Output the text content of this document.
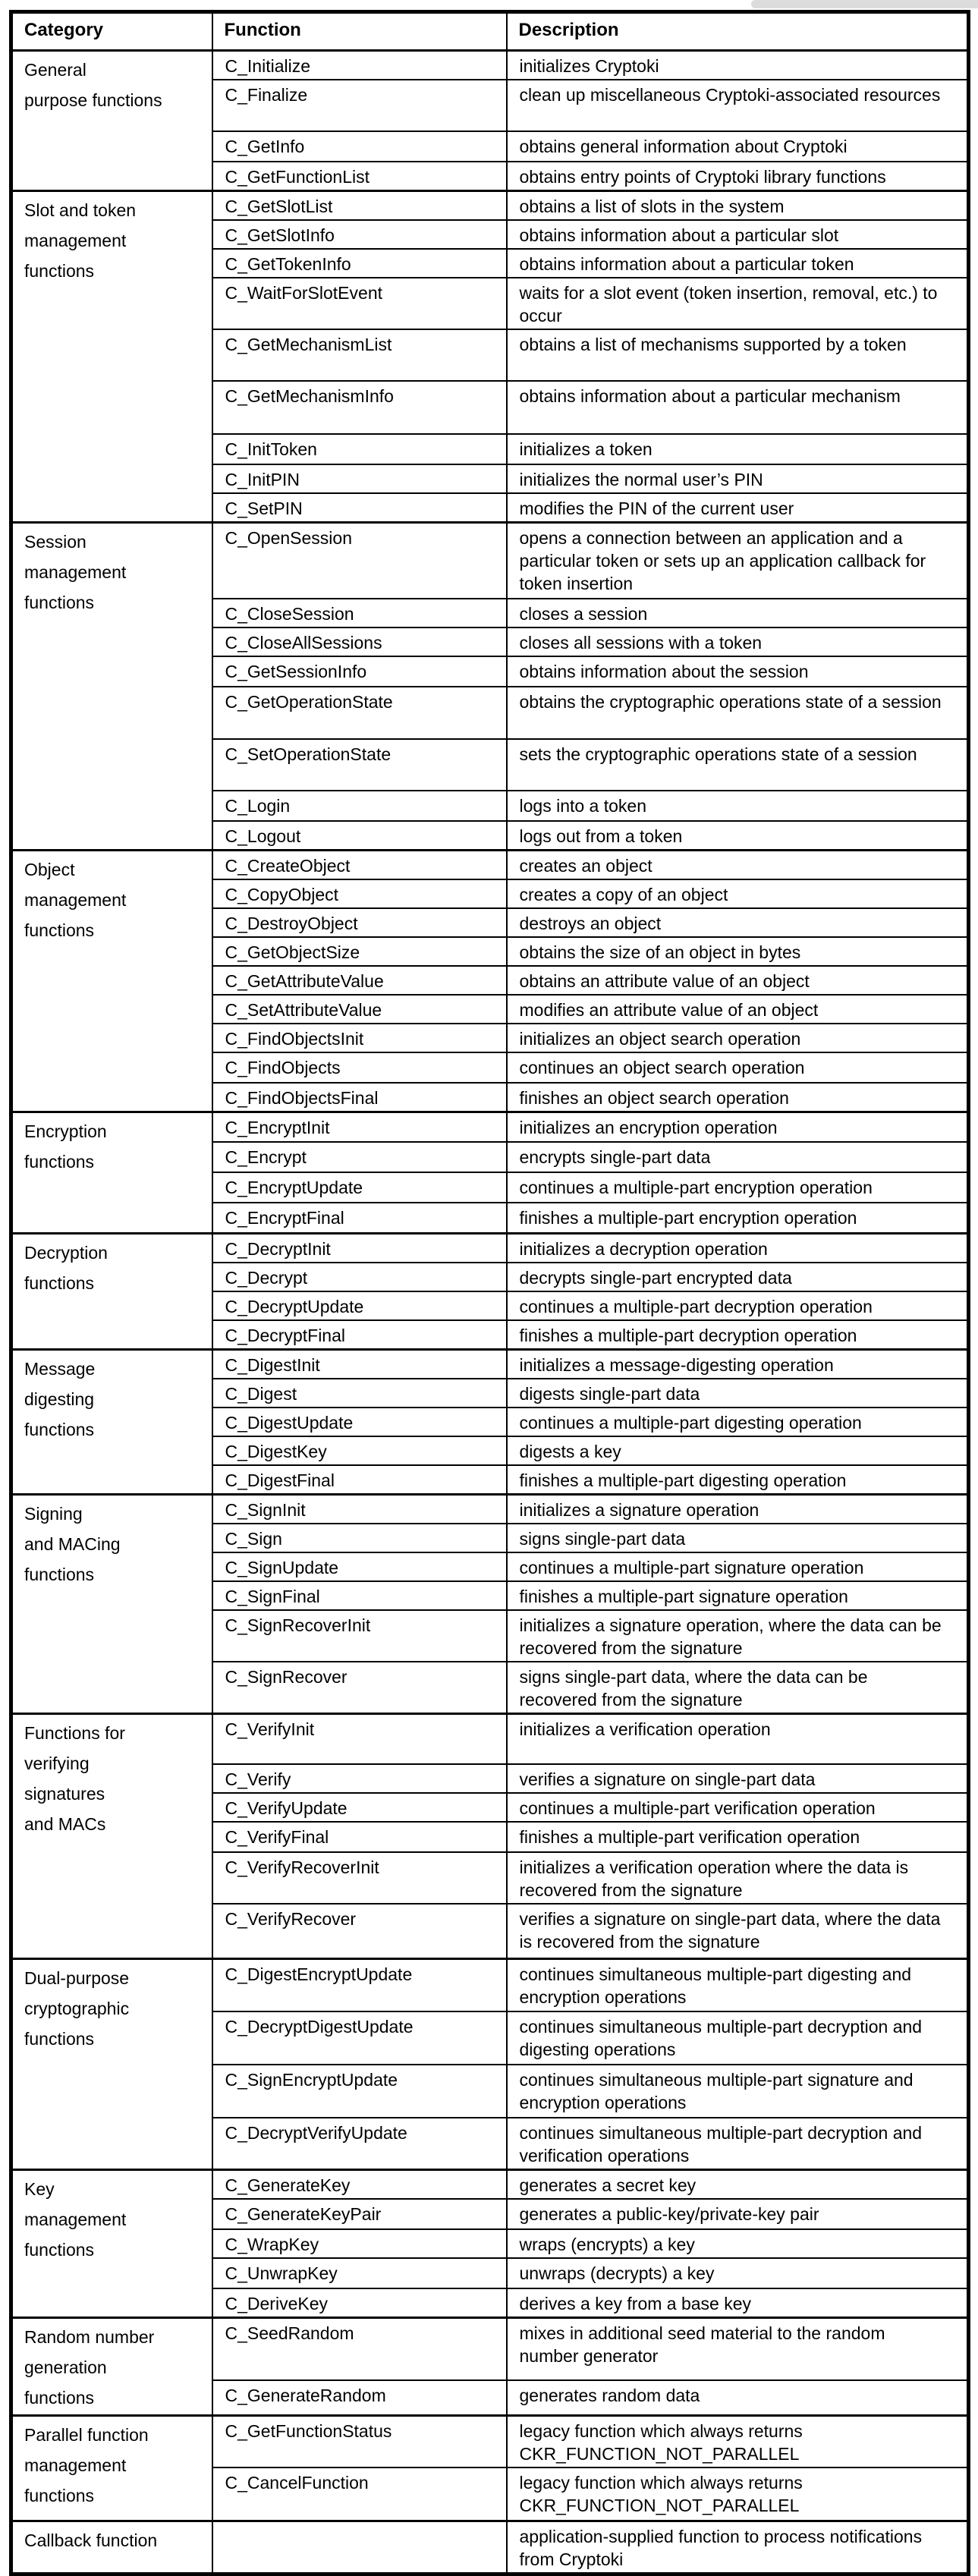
Category	Function	Description

General
purpose functions	C_Initialize	initializes Cryptoki
	C_Finalize	clean up miscellaneous Cryptoki-associated resources
	C_GetInfo	obtains general information about Cryptoki
	C_GetFunctionList	obtains entry points of Cryptoki library functions

Slot and token
management
functions	C_GetSlotList	obtains a list of slots in the system
	C_GetSlotInfo	obtains information about a particular slot
	C_GetTokenInfo	obtains information about a particular token
	C_WaitForSlotEvent	waits for a slot event (token insertion, removal, etc.) to occur
	C_GetMechanismList	obtains a list of mechanisms supported by a token
	C_GetMechanismInfo	obtains information about a particular mechanism
	C_InitToken	initializes a token
	C_InitPIN	initializes the normal user’s PIN
	C_SetPIN	modifies the PIN of the current user

Session
management
functions	C_OpenSession	opens a connection between an application and a particular token or sets up an application callback for token insertion
	C_CloseSession	closes a session
	C_CloseAllSessions	closes all sessions with a token
	C_GetSessionInfo	obtains information about the session
	C_GetOperationState	obtains the cryptographic operations state of a session
	C_SetOperationState	sets the cryptographic operations state of a session
	C_Login	logs into a token
	C_Logout	logs out from a token

Object
management
functions	C_CreateObject	creates an object
	C_CopyObject	creates a copy of an object
	C_DestroyObject	destroys an object
	C_GetObjectSize	obtains the size of an object in bytes
	C_GetAttributeValue	obtains an attribute value of an object
	C_SetAttributeValue	modifies an attribute value of an object
	C_FindObjectsInit	initializes an object search operation
	C_FindObjects	continues an object search operation
	C_FindObjectsFinal	finishes an object search operation

Encryption
functions	C_EncryptInit	initializes an encryption operation
	C_Encrypt	encrypts single-part data
	C_EncryptUpdate	continues a multiple-part encryption operation
	C_EncryptFinal	finishes a multiple-part encryption operation

Decryption
functions	C_DecryptInit	initializes a decryption operation
	C_Decrypt	decrypts single-part encrypted data
	C_DecryptUpdate	continues a multiple-part decryption operation
	C_DecryptFinal	finishes a multiple-part decryption operation

Message
digesting
functions	C_DigestInit	initializes a message-digesting operation
	C_Digest	digests single-part data
	C_DigestUpdate	continues a multiple-part digesting operation
	C_DigestKey	digests a key
	C_DigestFinal	finishes a multiple-part digesting operation

Signing
and MACing
functions	C_SignInit	initializes a signature operation
	C_Sign	signs single-part data
	C_SignUpdate	continues a multiple-part signature operation
	C_SignFinal	finishes a multiple-part signature operation
	C_SignRecoverInit	initializes a signature operation, where the data can be recovered from the signature
	C_SignRecover	signs single-part data, where the data can be recovered from the signature

Functions for
verifying
signatures
and MACs	C_VerifyInit	initializes a verification operation
	C_Verify	verifies a signature on single-part data
	C_VerifyUpdate	continues a multiple-part verification operation
	C_VerifyFinal	finishes a multiple-part verification operation
	C_VerifyRecoverInit	initializes a verification operation where the data is recovered from the signature
	C_VerifyRecover	verifies a signature on single-part data, where the data is recovered from the signature

Dual-purpose
cryptographic
functions	C_DigestEncryptUpdate	continues simultaneous multiple-part digesting and encryption operations
	C_DecryptDigestUpdate	continues simultaneous multiple-part decryption and digesting operations
	C_SignEncryptUpdate	continues simultaneous multiple-part signature and encryption operations
	C_DecryptVerifyUpdate	continues simultaneous multiple-part decryption and verification operations

Key
management
functions	C_GenerateKey	generates a secret key
	C_GenerateKeyPair	generates a public-key/private-key pair
	C_WrapKey	wraps (encrypts) a key
	C_UnwrapKey	unwraps (decrypts) a key
	C_DeriveKey	derives a key from a base key

Random number
generation
functions	C_SeedRandom	mixes in additional seed material to the random number generator
	C_GenerateRandom	generates random data

Parallel function
management
functions	C_GetFunctionStatus	legacy function which always returns CKR_FUNCTION_NOT_PARALLEL
	C_CancelFunction	legacy function which always returns CKR_FUNCTION_NOT_PARALLEL

Callback function		application-supplied function to process notifications from Cryptoki
